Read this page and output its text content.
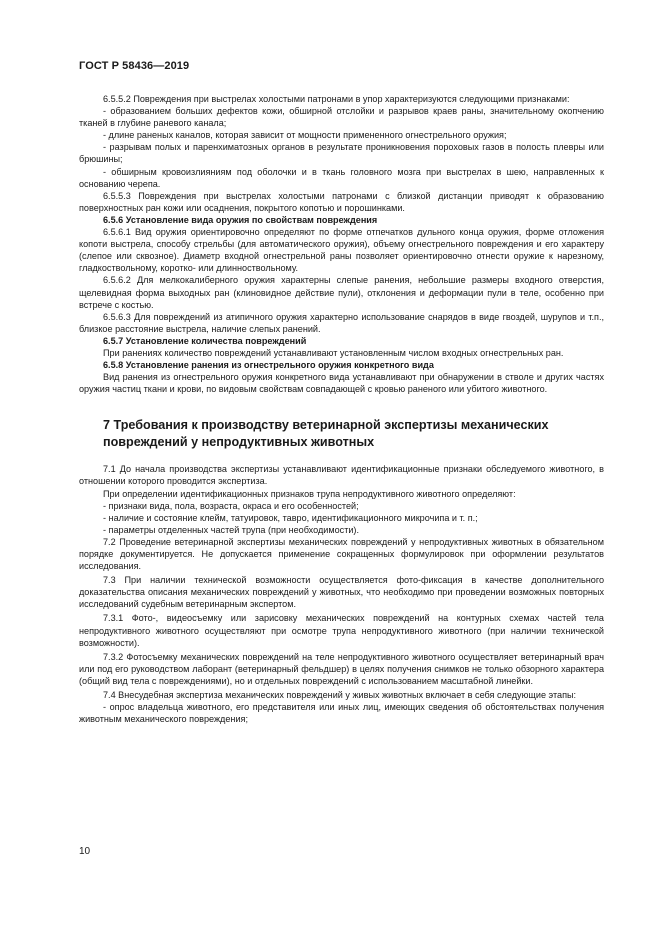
ГОСТ Р 58436—2019

6.5.5.2 Повреждения при выстрелах холостыми патронами в упор характеризуются следующими признаками:

- образованием больших дефектов кожи, обширной отслойки и разрывов краев раны, значительному окопчению тканей в глубине раневого канала;

- длине раненых каналов, которая зависит от мощности примененного огнестрельного оружия;

- разрывам полых и паренхиматозных органов в результате проникновения пороховых газов в полость плевры или брюшины;

- обширным кровоизлияниям под оболочки и в ткань головного мозга при выстрелах в шею, направленных к основанию черепа.

6.5.5.3 Повреждения при выстрелах холостыми патронами с близкой дистанции приводят к образованию поверхностных ран кожи или осаднения, покрытого копотью и порошинками.

6.5.6 Установление вида оружия по свойствам повреждения

6.5.6.1 Вид оружия ориентировочно определяют по форме отпечатков дульного конца оружия, форме отложения копоти выстрела, способу стрельбы (для автоматического оружия), объему огнестрельного повреждения и его характеру (слепое или сквозное). Диаметр входной огнестрельной раны позволяет ориентировочно отнести оружие к нарезному, гладкоствольному, коротко- или длинноствольному.

6.5.6.2 Для мелкокалиберного оружия характерны слепые ранения, небольшие размеры входного отверстия, щелевидная форма выходных ран (клиновидное действие пули), отклонения и деформации пули в теле, особенно при встрече с костью.

6.5.6.3 Для повреждений из атипичного оружия характерно использование снарядов в виде гвоздей, шурупов и т.п., близкое расстояние выстрела, наличие слепых ранений.

6.5.7 Установление количества повреждений

При ранениях количество повреждений устанавливают установленным числом входных огнестрельных ран.

6.5.8 Установление ранения из огнестрельного оружия конкретного вида

Вид ранения из огнестрельного оружия конкретного вида устанавливают при обнаружении в стволе и других частях оружия частиц ткани и крови, по видовым свойствам совпадающей с кровью раненого или убитого животного.

7 Требования к производству ветеринарной экспертизы механических повреждений у непродуктивных животных

7.1 До начала производства экспертизы устанавливают идентификационные признаки обследуемого животного, в отношении которого проводится экспертиза.

При определении идентификационных признаков трупа непродуктивного животного определяют:

- признаки вида, пола, возраста, окраса и его особенностей;

- наличие и состояние клейм, татуировок, тавро, идентификационного микрочипа и т. п.;

- параметры отделенных частей трупа (при необходимости).

7.2 Проведение ветеринарной экспертизы механических повреждений у непродуктивных животных в обязательном порядке документируется. Не допускается применение сокращенных формулировок при оформлении результатов исследования.

7.3 При наличии технической возможности осуществляется фото-фиксация в качестве дополнительного доказательства описания механических повреждений у животных, что необходимо при проведении возможных повторных исследований судебным ветеринарным экспертом.

7.3.1 Фото-, видеосъемку или зарисовку механических повреждений на контурных схемах частей тела непродуктивного животного осуществляют при осмотре трупа непродуктивного животного (при наличии технической возможности).

7.3.2 Фотосъемку механических повреждений на теле непродуктивного животного осуществляет ветеринарный врач или под его руководством лаборант (ветеринарный фельдшер) в целях получения снимков не только обзорного характера (общий вид тела с повреждениями), но и отдельных повреждений с использованием масштабной линейки.

7.4 Внесудебная экспертиза механических повреждений у живых животных включает в себя следующие этапы:

- опрос владельца животного, его представителя или иных лиц, имеющих сведения об обстоятельствах получения животным механического повреждения;

10
